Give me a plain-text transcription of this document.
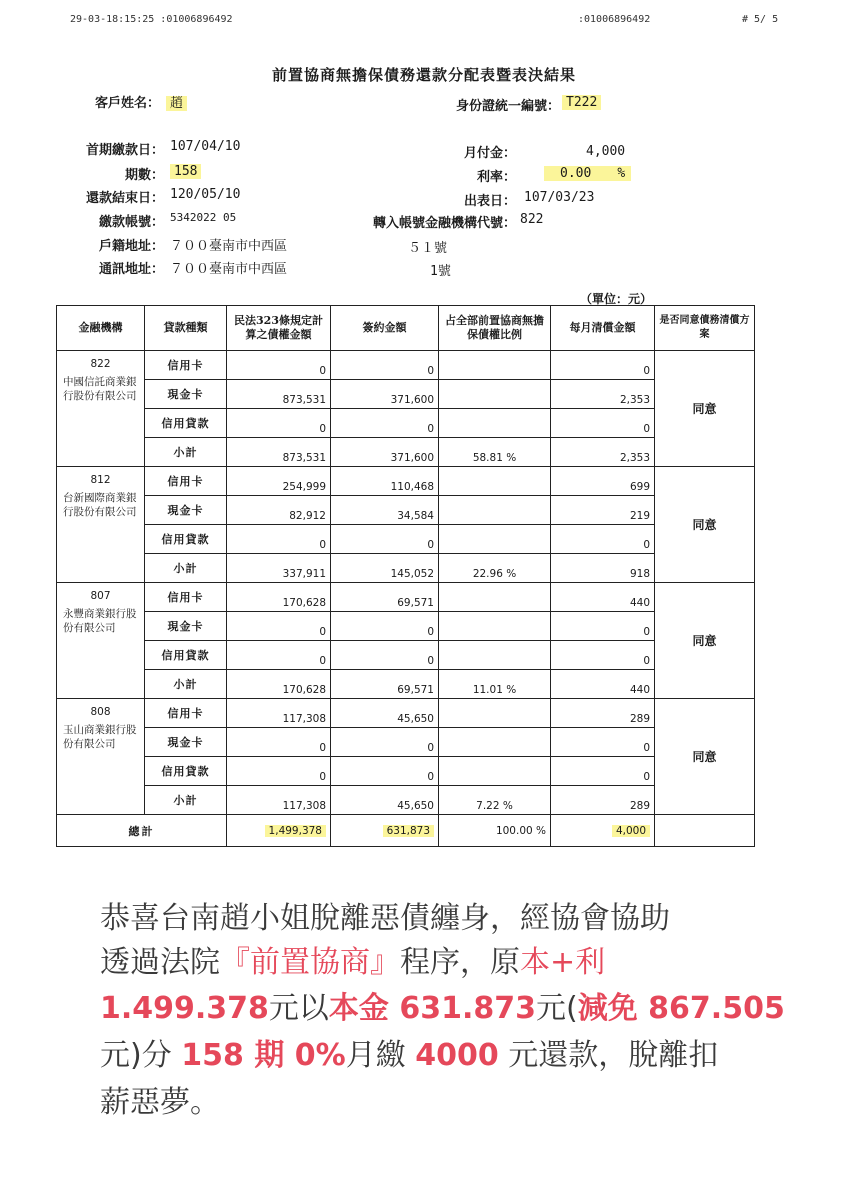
29-03-18:15:25 :01006896492	:01006896492	# 5/ 5
前置協商無擔保債務還款分配表暨表決結果
客戶姓名： 趙	身份證統一編號： T222
首期繳款日： 107/04/10
期數： 158
還款結束日： 120/05/10
繳款帳號： 5342022 05
戶籍地址： ７００臺南市中西區	５１號
通訊地址： ７００臺南市中西區	1號
月付金：	4,000
利率：	0.00 %
出表日： 107/03/23
轉入帳號金融機構代號： 822
（單位：元）
金融機構	貸款種類	民法323條規定計算之債權金額	簽約金額	占全部前置協商無擔保債權比例	每月清償金額	是否同意債務清償方案

822
中國信託商業銀行股份有限公司	信用卡	0	0		0	同意
	現金卡	873,531	371,600		2,353	
	信用貸款	0	0		0	
	小計	873,531	371,600	58.81 %	2,353	

812
台新國際商業銀行股份有限公司	信用卡	254,999	110,468		699	同意
	現金卡	82,912	34,584		219	
	信用貸款	0	0		0	
	小計	337,911	145,052	22.96 %	918	

807
永豐商業銀行股份有限公司	信用卡	170,628	69,571		440	同意
	現金卡	0	0		0	
	信用貸款	0	0		0	
	小計	170,628	69,571	11.01 %	440	

808
玉山商業銀行股份有限公司	信用卡	117,308	45,650		289	同意
	現金卡	0	0		0	
	信用貸款	0	0		0	
	小計	117,308	45,650	7.22 %	289	
總計		1,499,378	631,873	100.00 %	4,000	
恭喜台南趙小姐脫離惡債纏身，經協會協助
透過法院『前置協商』程序，原本+利
1.499.378元以本金 631.873元(減免 867.505
元)分 158 期 0%月繳 4000 元還款，脫離扣
薪惡夢。
